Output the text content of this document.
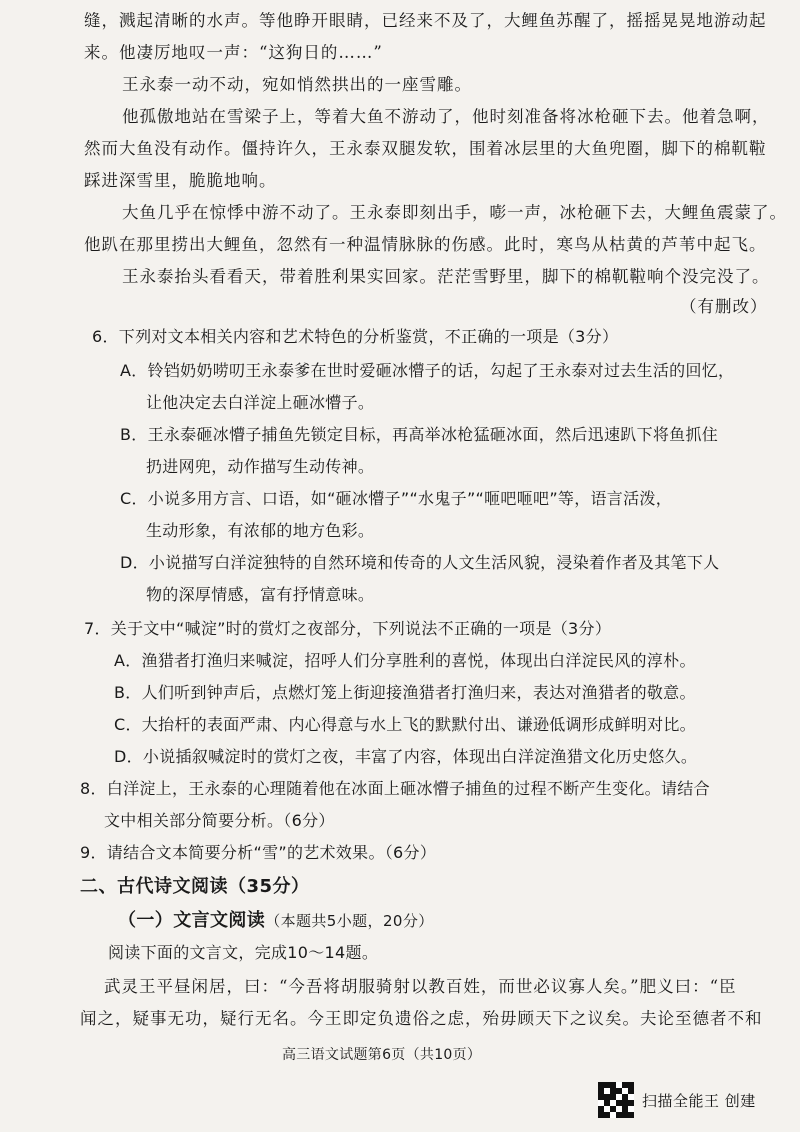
缝，溅起清晰的水声。等他睁开眼睛，已经来不及了，大鲤鱼苏醒了，摇摇晃晃地游动起
来。他凄厉地叹一声：“这狗日的……”
王永泰一动不动，宛如悄然拱出的一座雪雕。
他孤傲地站在雪梁子上，等着大鱼不游动了，他时刻准备将冰枪砸下去。他着急啊，
然而大鱼没有动作。僵持许久，王永泰双腿发软，围着冰层里的大鱼兜圈，脚下的棉靰鞡
踩进深雪里，脆脆地响。
大鱼几乎在惊悸中游不动了。王永泰即刻出手，嘭一声，冰枪砸下去，大鲤鱼震蒙了。
他趴在那里捞出大鲤鱼，忽然有一种温情脉脉的伤感。此时，寒鸟从枯黄的芦苇中起飞。
王永泰抬头看看天，带着胜利果实回家。茫茫雪野里，脚下的棉靰鞡响个没完没了。
（有删改）
6．下列对文本相关内容和艺术特色的分析鉴赏，不正确的一项是（3分）
A．铃铛奶奶唠叨王永泰爹在世时爱砸冰懵子的话，勾起了王永泰对过去生活的回忆，
让他决定去白洋淀上砸冰懵子。
B．王永泰砸冰懵子捕鱼先锁定目标，再高举冰枪猛砸冰面，然后迅速趴下将鱼抓住
扔进网兜，动作描写生动传神。
C．小说多用方言、口语，如“砸冰懵子”“水鬼子”“咂吧咂吧”等，语言活泼，
生动形象，有浓郁的地方色彩。
D．小说描写白洋淀独特的自然环境和传奇的人文生活风貌，浸染着作者及其笔下人
物的深厚情感，富有抒情意味。
7．关于文中“喊淀”时的赏灯之夜部分，下列说法不正确的一项是（3分）
A．渔猎者打渔归来喊淀，招呼人们分享胜利的喜悦，体现出白洋淀民风的淳朴。
B．人们听到钟声后，点燃灯笼上街迎接渔猎者打渔归来，表达对渔猎者的敬意。
C．大抬杆的表面严肃、内心得意与水上飞的默默付出、谦逊低调形成鲜明对比。
D．小说插叙喊淀时的赏灯之夜，丰富了内容，体现出白洋淀渔猎文化历史悠久。
8．白洋淀上，王永泰的心理随着他在冰面上砸冰懵子捕鱼的过程不断产生变化。请结合
文中相关部分简要分析。（6分）
9．请结合文本简要分析“雪”的艺术效果。（6分）
二、古代诗文阅读（35分）
（一）文言文阅读（本题共5小题，20分）
阅读下面的文言文，完成10～14题。
武灵王平昼闲居，曰：“今吾将胡服骑射以教百姓，而世必议寡人矣。”肥义曰：“臣
闻之，疑事无功，疑行无名。今王即定负遗俗之虑，殆毋顾天下之议矣。夫论至德者不和
高三语文试题第6页（共10页）
扫描全能王 创建
